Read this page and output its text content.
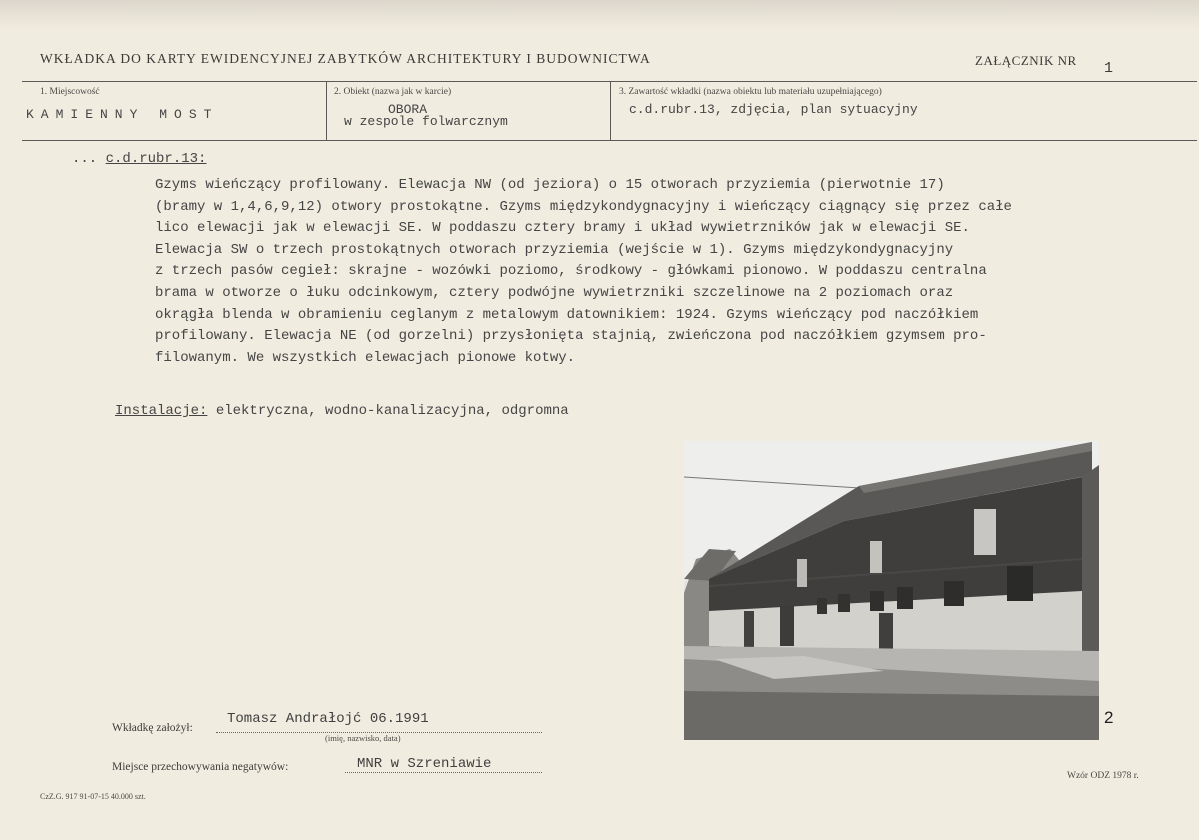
WKŁADKA DO KARTY EWIDENCYJNEJ ZABYTKÓW ARCHITEKTURY I BUDOWNICTWA	ZAŁĄCZNIK NR 1
1. Miejscowość
KAMIENNY MOST
2. Obiekt (nazwa jak w karcie)
OBORA
w zespole folwarcznym
3. Zawartość wkładki (nazwa obiektu lub materiału uzupełniającego)
c.d.rubr.13, zdjęcia, plan sytuacyjny
... c.d.rubr.13:
Gzyms wieńczący profilowany. Elewacja NW (od jeziora) o 15 otworach przyziemia (pierwotnie 17)
(bramy w 1,4,6,9,12) otwory prostokątne. Gzyms międzykondygnacyjny i wieńczący ciągnący się przez całe
lico elewacji jak w elewacji SE. W poddaszu cztery bramy i układ wywietrzników jak w elewacji SE.
Elewacja SW o trzech prostokątnych otworach przyziemia (wejście w 1). Gzyms międzykondygnacyjny
z trzech pasów cegieł: skrajne - wozówki poziomo, środkowy - główkami pionowo. W poddaszu centralna
brama w otworze o łuku odcinkowym, cztery podwójne wywietrzniki szczelinowe na 2 poziomach oraz
okrągła blenda w obramieniu ceglanym z metalowym datownikiem: 1924. Gzyms wieńczący pod naczółkiem
profilowany. Elewacja NE (od gorzelni) przysłonięta stajnią, zwieńczona pod naczółkiem gzymsem pro-
filowanym. We wszystkich elewacjach pionowe kotwy.
Instalacje: elektryczna, wodno-kanalizacyjna, odgromna
2
Wkładkę założył:
Tomasz Andrałojć 06.1991
(imię, nazwisko, data)
Miejsce przechowywania negatywów:	MNR w Szreniawie
Wzór ODZ 1978 r.
CzZ.G. 917 91-07-15 40.000 szt.
